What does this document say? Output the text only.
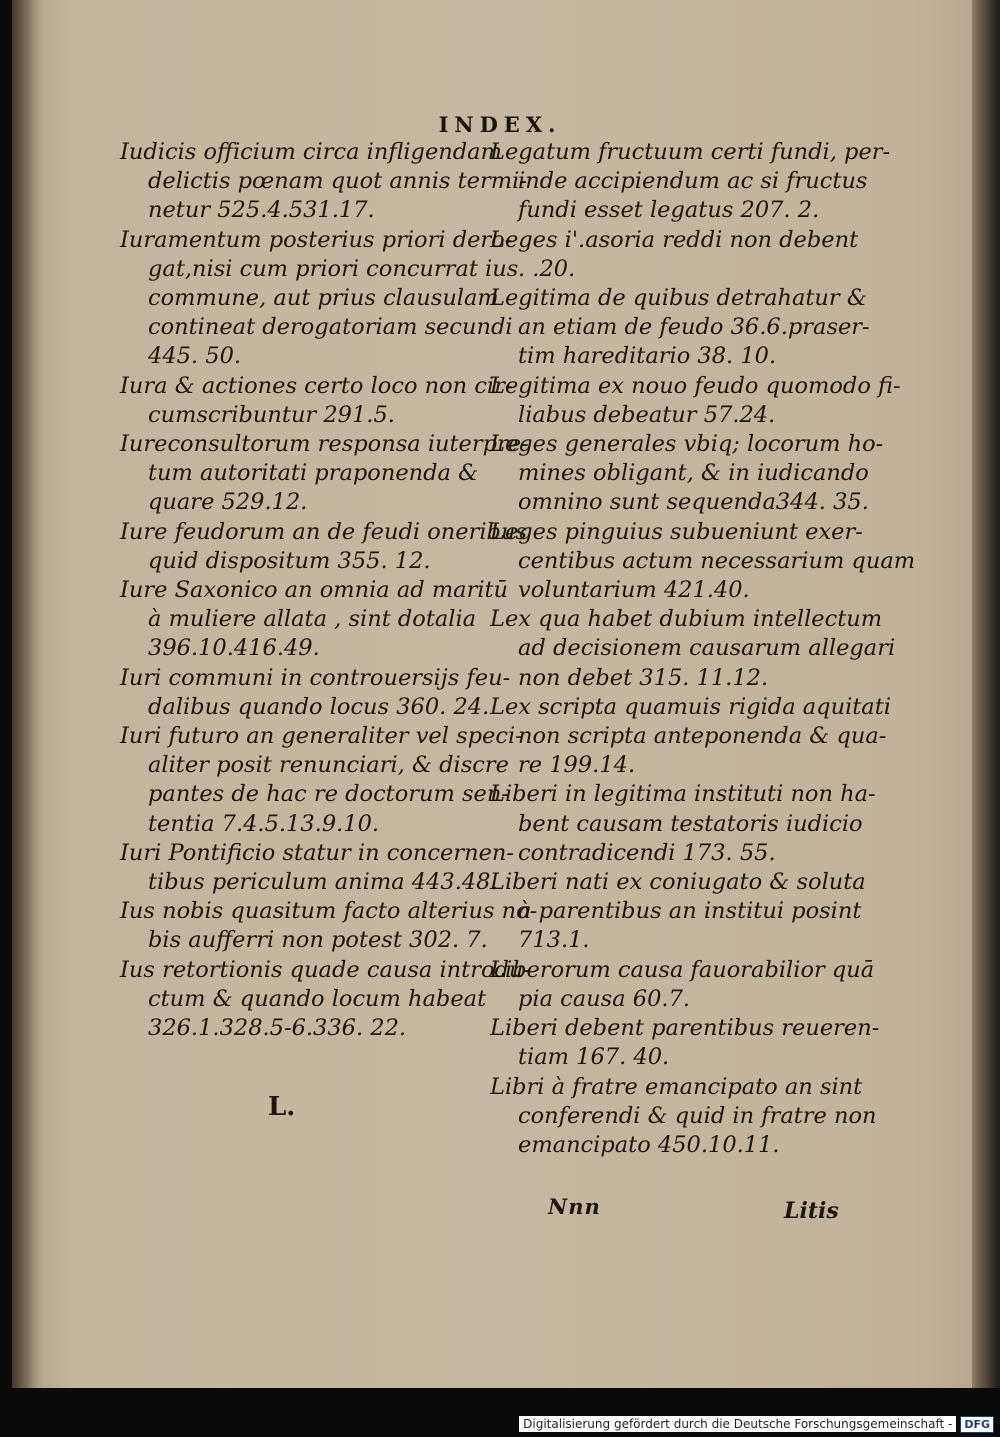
INDEX.
Iudicis officium circa infligendam
delictis pœnam quot annis termi-
netur 525.4.531.17.
Iuramentum posterius priori dero-
gat,nisi cum priori concurrat ius
commune, aut prius clausulam
contineat derogatoriam secundi
445. 50.
Iura & actiones certo loco non cir-
cumscribuntur 291.5.
Iureconsultorum responsa iuterpre-
tum autoritati praponenda &
quare 529.12.
Iure feudorum an de feudi oneribus
quid dispositum 355. 12.
Iure Saxonico an omnia ad maritū
à muliere allata , sint dotalia
396.10.416.49.
Iuri communi in controuersijs feu-
dalibus quando locus 360. 24.
Iuri futuro an generaliter vel speci-
aliter posit renunciari, & discre
pantes de hac re doctorum sen-
tentia 7.4.5.13.9.10.
Iuri Pontificio statur in concernen-
tibus periculum anima 443.48.
Ius nobis quasitum facto alterius no-
bis aufferri non potest 302. 7.
Ius retortionis quade causa introdu-
ctum & quando locum habeat
326.1.328.5-6.336. 22.
Legatum fructuum certi fundi, per-
inde accipiendum ac si fructus
fundi esset legatus 207. 2.
Leges i'.asoria reddi non debent
. .20.
Legitima de quibus detrahatur &
an etiam de feudo 36.6.praser-
tim hareditario 38. 10.
Legitima ex nouo feudo quomodo fi-
liabus debeatur 57.24.
Leges generales vbiq; locorum ho-
mines obligant, & in iudicando
omnino sunt sequenda344. 35.
Leges pinguius subueniunt exer-
centibus actum necessarium quam
voluntarium 421.40.
Lex qua habet dubium intellectum
ad decisionem causarum allegari
non debet 315. 11.12.
Lex scripta quamuis rigida aquitati
non scripta anteponenda & qua-
re 199.14.
Liberi in legitima instituti non ha-
bent causam testatoris iudicio
contradicendi 173. 55.
Liberi nati ex coniugato & soluta
à parentibus an institui posint
713.1.
Liberorum causa fauorabilior quā
pia causa 60.7.
Liberi debent parentibus reueren-
tiam 167. 40.
Libri à fratre emancipato an sint
conferendi & quid in fratre non
emancipato 450.10.11.
L.
Nnn	Litis
Digitalisierung gefördert durch die Deutsche Forschungsgemeinschaft -	DFG
